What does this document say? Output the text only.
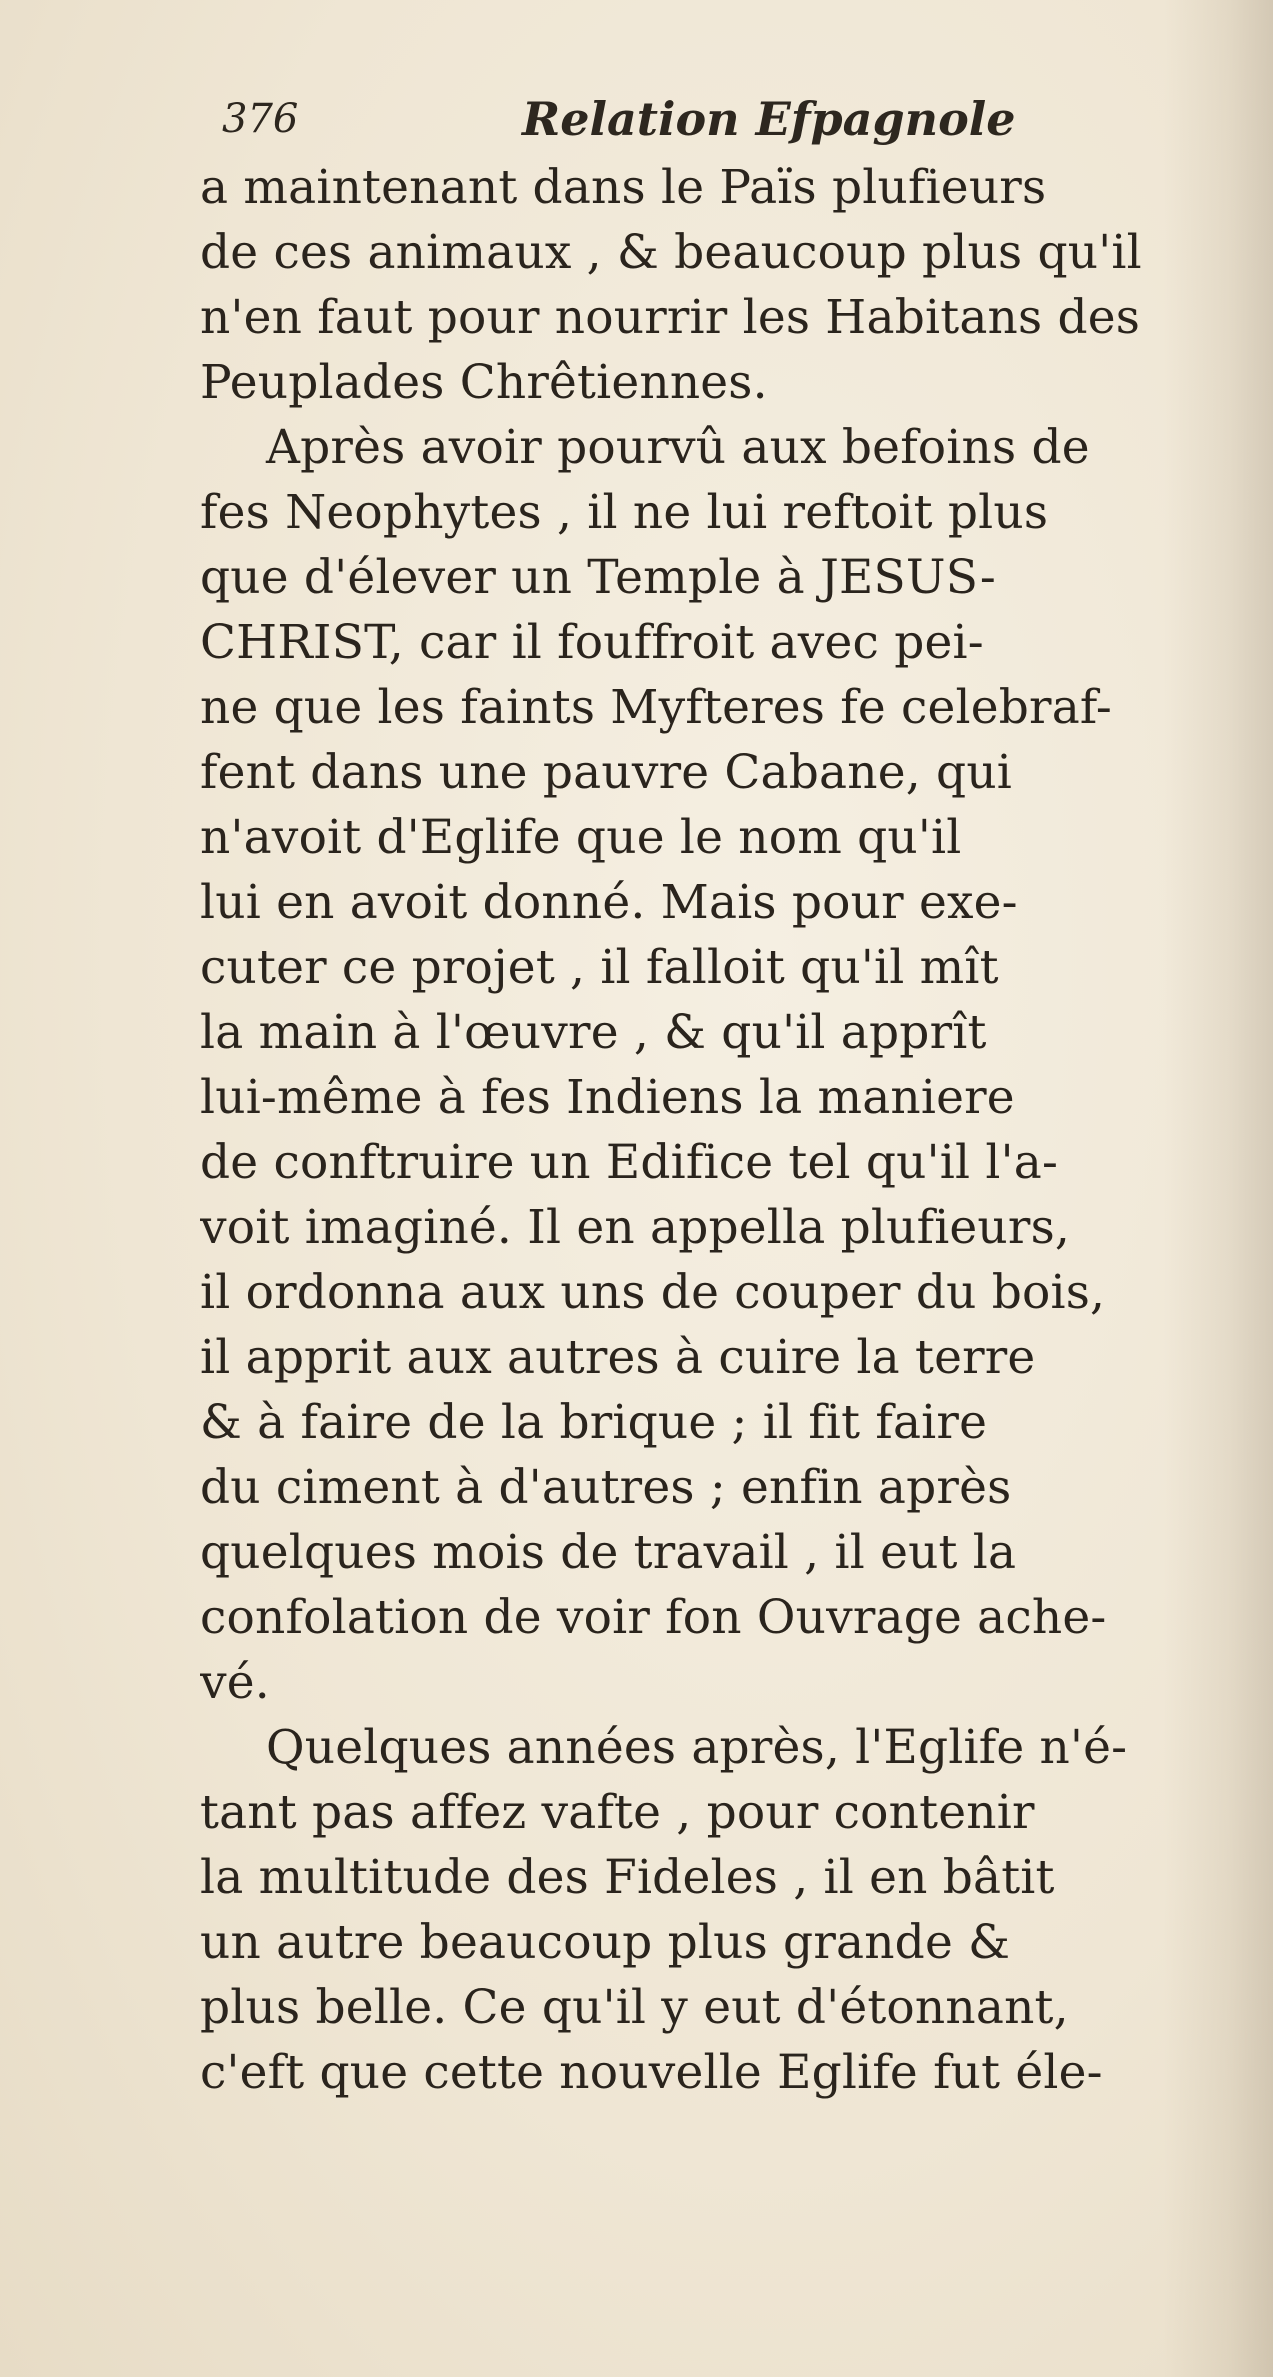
376	Relation Efpagnole
a maintenant dans le Païs plufieurs
de ces animaux , & beaucoup plus qu'il
n'en faut pour nourrir les Habitans des
Peuplades Chrêtiennes.
Après avoir pourvû aux befoins de
fes Neophytes , il ne lui reftoit plus
que d'élever un Temple à JESUS-
CHRIST, car il fouffroit avec pei-
ne que les faints Myfteres fe celebraf-
fent dans une pauvre Cabane, qui
n'avoit d'Eglife que le nom qu'il
lui en avoit donné. Mais pour exe-
cuter ce projet , il falloit qu'il mît
la main à l'œuvre , & qu'il apprît
lui-même à fes Indiens la maniere
de conftruire un Edifice tel qu'il l'a-
voit imaginé. Il en appella plufieurs,
il ordonna aux uns de couper du bois,
il apprit aux autres à cuire la terre
& à faire de la brique ; il fit faire
du ciment à d'autres ; enfin après
quelques mois de travail , il eut la
confolation de voir fon Ouvrage ache-
vé.
Quelques années après, l'Eglife n'é-
tant pas affez vafte , pour contenir
la multitude des Fideles , il en bâtit
un autre beaucoup plus grande &
plus belle. Ce qu'il y eut d'étonnant,
c'eft que cette nouvelle Eglife fut éle-
